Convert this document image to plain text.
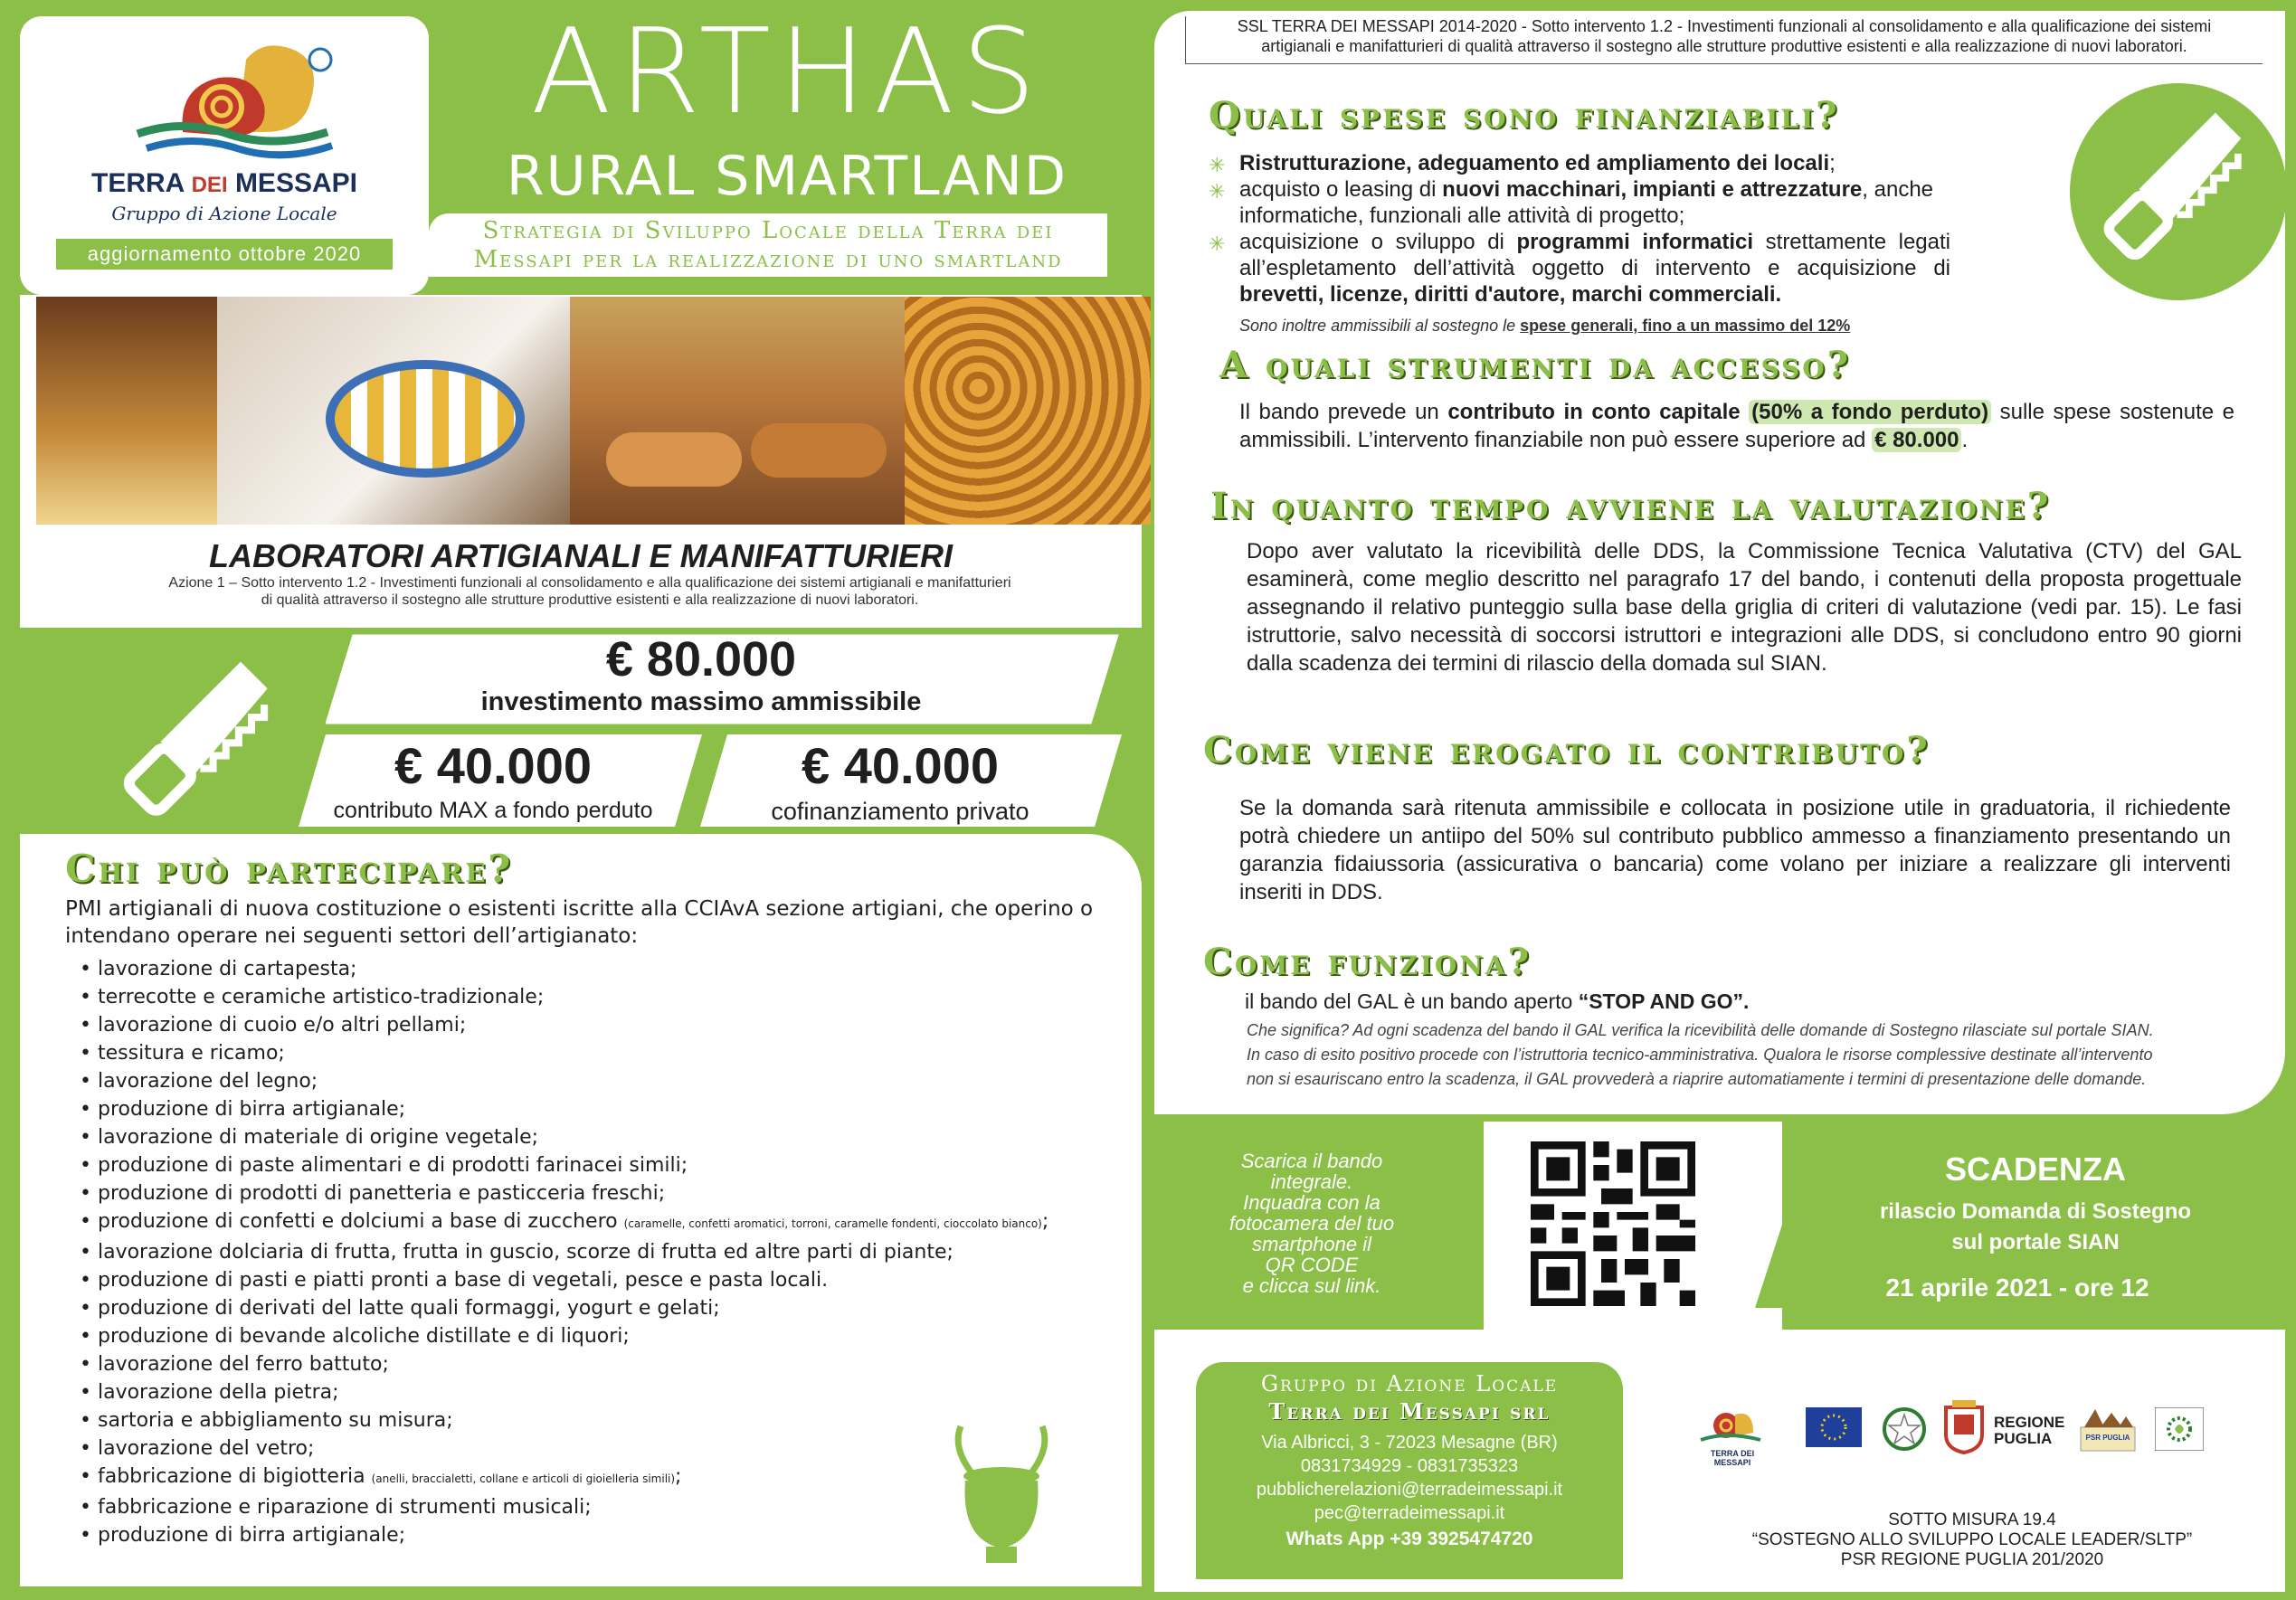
TERRA DEI MESSAPI
Gruppo di Azione Locale
aggiornamento ottobre 2020
ARTHAS
RURAL SMARTLAND
Strategia di Sviluppo Locale della Terra dei
Messapi per la realizzazione di uno smartland
LABORATORI ARTIGIANALI E MANIFATTURIERI
Azione 1 – Sotto intervento 1.2 - Investimenti funzionali al consolidamento e alla qualificazione dei sistemi artigianali e manifatturieri
di qualità attraverso il sostegno alle strutture produttive esistenti e alla realizzazione di nuovi laboratori.
€ 80.000
investimento massimo ammissibile
€ 40.000
contributo MAX a fondo perduto
€ 40.000
cofinanziamento privato
Chi può partecipare?
PMI artigianali di nuova costituzione o esistenti iscritte alla CCIAvA sezione artigiani, che operino o
intendano operare nei seguenti settori dell’artigianato:
• lavorazione di cartapesta;
• terrecotte e ceramiche artistico-tradizionale;
• lavorazione di cuoio e/o altri pellami;
• tessitura e ricamo;
• lavorazione del legno;
• produzione di birra artigianale;
• lavorazione di materiale di origine vegetale;
• produzione di paste alimentari e di prodotti farinacei simili;
• produzione di prodotti di panetteria e pasticceria freschi;
• produzione di confetti e dolciumi a base di zucchero (caramelle, confetti aromatici, torroni, caramelle fondenti, cioccolato bianco);
• lavorazione dolciaria di frutta, frutta in guscio, scorze di frutta ed altre parti di piante;
• produzione di pasti e piatti pronti a base di vegetali, pesce e pasta locali.
• produzione di derivati del latte quali formaggi, yogurt e gelati;
• produzione di bevande alcoliche distillate e di liquori;
• lavorazione del ferro battuto;
• lavorazione della pietra;
• sartoria e abbigliamento su misura;
• lavorazione del vetro;
• fabbricazione di bigiotteria (anelli, braccialetti, collane e articoli di gioielleria simili);
• fabbricazione e riparazione di strumenti musicali;
• produzione di birra artigianale;
SSL TERRA DEI MESSAPI 2014-2020 - Sotto intervento 1.2 - Investimenti funzionali al consolidamento e alla qualificazione dei sistemi
artigianali e manifatturieri di qualità attraverso il sostegno alle strutture produttive esistenti e alla realizzazione di nuovi laboratori.
Quali spese sono finanziabili?
✳ Ristrutturazione, adeguamento ed ampliamento dei locali;
✳ acquisto o leasing di nuovi macchinari, impianti e attrezzature, anche informatiche, funzionali alle attività di progetto;
✳ acquisizione o sviluppo di programmi informatici strettamente legati all’espletamento dell’attività oggetto di intervento e acquisizione di brevetti, licenze, diritti d'autore, marchi commerciali.
Sono inoltre ammissibili al sostegno le spese generali, fino a un massimo del 12%
A quali strumenti da accesso?
Il bando prevede un contributo in conto capitale (50% a fondo perduto) sulle spese sostenute e ammissibili. L’intervento finanziabile non può essere superiore ad € 80.000 .
In quanto tempo avviene la valutazione?
Dopo aver valutato la ricevibilità delle DDS, la Commissione Tecnica Valutativa (CTV) del GAL esaminerà, come meglio descritto nel paragrafo 17 del bando, i contenuti della proposta progettuale assegnando il relativo punteggio sulla base della griglia di criteri di valutazione (vedi par. 15). Le fasi istruttorie, salvo necessità di soccorsi istruttori e integrazioni alle DDS, si concludono entro 90 giorni dalla scadenza dei termini di rilascio della domada sul SIAN.
Come viene erogato il contributo?
Se la domanda sarà ritenuta ammissibile e collocata in posizione utile in graduatoria, il richiedente potrà chiedere un antiipo del 50% sul contributo pubblico ammesso a finanziamento presentando un garanzia fidaiussoria (assicurativa o bancaria) come volano per iniziare a realizzare gli interventi inseriti in DDS.
Come funziona?
il bando del GAL è un bando aperto “STOP AND GO”.
Che significa? Ad ogni scadenza del bando il GAL verifica la ricevibilità delle domande di Sostegno rilasciate sul portale SIAN.
In caso di esito positivo procede con l’istruttoria tecnico-amministrativa. Qualora le risorse complessive destinate all’intervento
non si esauriscano entro la scadenza, il GAL provvederà a riaprire automatiamente i termini di presentazione delle domande.
Scarica il bando
integrale.
Inquadra con la
fotocamera del tuo
smartphone il
QR CODE
e clicca sul link.
SCADENZA
rilascio Domanda di Sostegno
sul portale SIAN
21 aprile 2021 - ore 12
Gruppo di Azione Locale
Terra dei Messapi srl
Via Albricci, 3 - 72023 Mesagne (BR)
0831734929 - 0831735323
pubblicherelazioni@terradeimessapi.it
pec@terradeimessapi.it
Whats App +39 3925474720
TERRA DEI MESSAPI
REGIONE
PUGLIA	PSR PUGLIA
SOTTO MISURA 19.4
“SOSTEGNO ALLO SVILUPPO LOCALE LEADER/SLTP”
PSR REGIONE PUGLIA 201/2020
